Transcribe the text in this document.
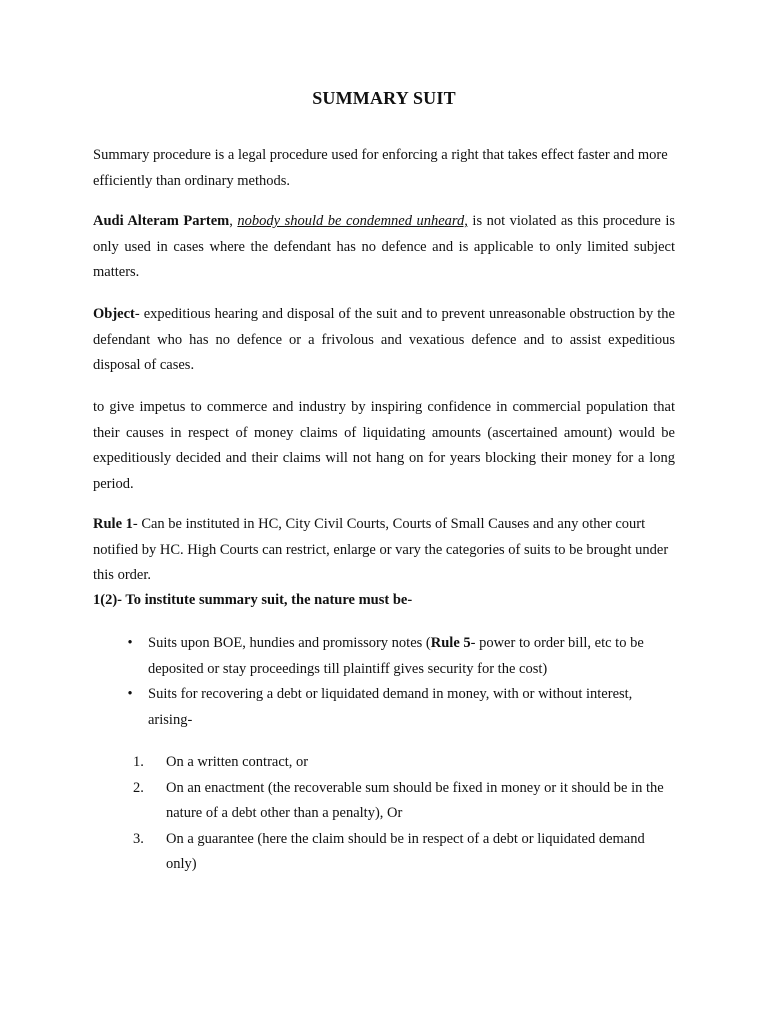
SUMMARY SUIT
Summary procedure is a legal procedure used for enforcing a right that takes effect faster and more efficiently than ordinary methods.
Audi Alteram Partem, nobody should be condemned unheard, is not violated as this procedure is only used in cases where the defendant has no defence and is applicable to only limited subject matters.
Object- expeditious hearing and disposal of the suit and to prevent unreasonable obstruction by the defendant who has no defence or a frivolous and vexatious defence and to assist expeditious disposal of cases.
to give impetus to commerce and industry by inspiring confidence in commercial population that their causes in respect of money claims of liquidating amounts (ascertained amount) would be expeditiously decided and their claims will not hang on for years blocking their money for a long period.
Rule 1- Can be instituted in HC, City Civil Courts, Courts of Small Causes and any other court notified by HC. High Courts can restrict, enlarge or vary the categories of suits to be brought under this order.
1(2)- To institute summary suit, the nature must be-
•	Suits upon BOE, hundies and promissory notes (Rule 5- power to order bill, etc to be deposited or stay proceedings till plaintiff gives security for the cost)
•	Suits for recovering a debt or liquidated demand in money, with or without interest, arising-
1. On a written contract, or
2. On an enactment (the recoverable sum should be fixed in money or it should be in the nature of a debt other than a penalty), Or
3. On a guarantee (here the claim should be in respect of a debt or liquidated demand only)
